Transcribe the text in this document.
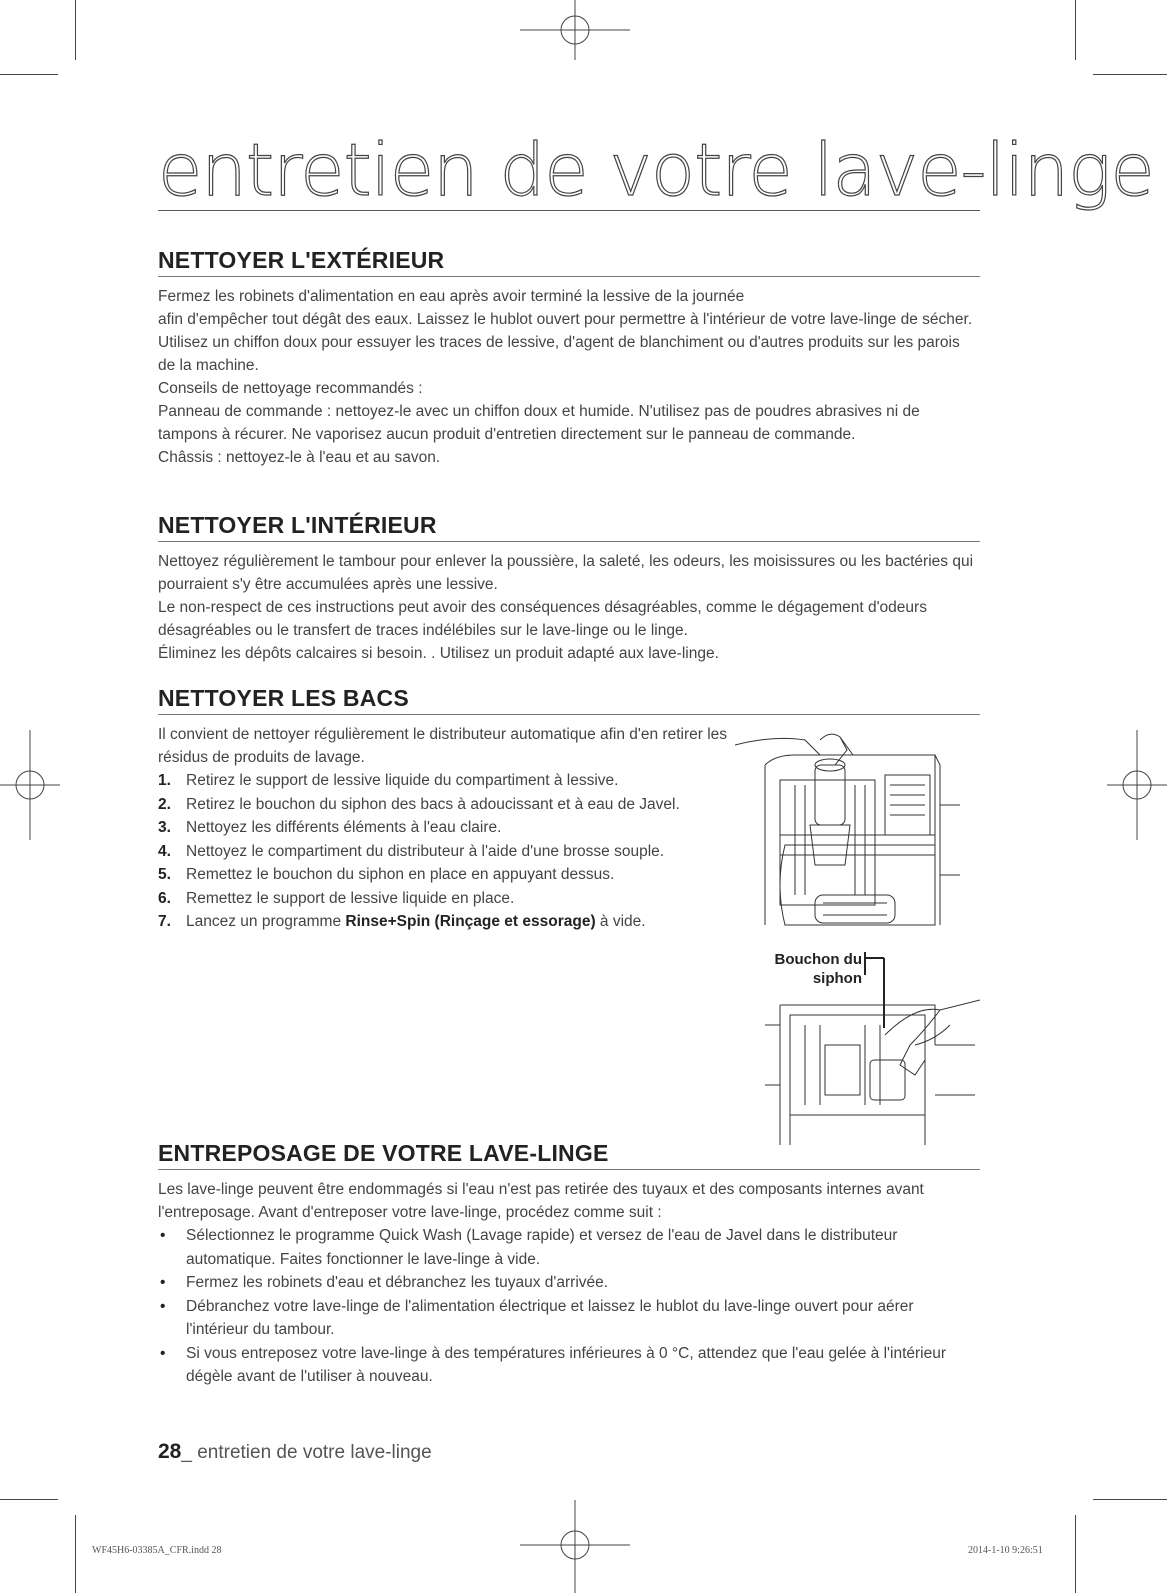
entretien de votre lave-linge
NETTOYER L'EXTÉRIEUR

Fermez les robinets d'alimentation en eau après avoir terminé la lessive de la journée

afin d'empêcher tout dégât des eaux. Laissez le hublot ouvert pour permettre à l'intérieur de votre lave-linge de sécher.

Utilisez un chiffon doux pour essuyer les traces de lessive, d'agent de blanchiment ou d'autres produits sur les parois de la machine.

Conseils de nettoyage recommandés :

Panneau de commande : nettoyez-le avec un chiffon doux et humide. N'utilisez pas de poudres abrasives ni de tampons à récurer. Ne vaporisez aucun produit d'entretien directement sur le panneau de commande.

Châssis : nettoyez-le à l'eau et au savon.

NETTOYER L'INTÉRIEUR

Nettoyez régulièrement le tambour pour enlever la poussière, la saleté, les odeurs, les moisissures ou les bactéries qui pourraient s'y être accumulées après une lessive.

Le non-respect de ces instructions peut avoir des conséquences désagréables, comme le dégagement d'odeurs désagréables ou le transfert de traces indélébiles sur le lave-linge ou le linge.

Éliminez les dépôts calcaires si besoin. . Utilisez un produit adapté aux lave-linge.

NETTOYER LES BACS

Il convient de nettoyer régulièrement le distributeur automatique afin d'en retirer les résidus de produits de lavage.

1. Retirez le support de lessive liquide du compartiment à lessive.
2. Retirez le bouchon du siphon des bacs à adoucissant et à eau de Javel.
3. Nettoyez les différents éléments à l'eau claire.
4. Nettoyez le compartiment du distributeur à l'aide d'une brosse souple.
5. Remettez le bouchon du siphon en place en appuyant dessus.
6. Remettez le support de lessive liquide en place.
7. Lancez un programme Rinse+Spin (Rinçage et essorage) à vide.
Bouchon du
siphon
ENTREPOSAGE DE VOTRE LAVE-LINGE

Les lave-linge peuvent être endommagés si l'eau n'est pas retirée des tuyaux et des composants internes avant l'entreposage. Avant d'entreposer votre lave-linge, procédez comme suit :

• Sélectionnez le programme Quick Wash (Lavage rapide) et versez de l'eau de Javel dans le distributeur automatique. Faites fonctionner le lave-linge à vide.
• Fermez les robinets d'eau et débranchez les tuyaux d'arrivée.
• Débranchez votre lave-linge de l'alimentation électrique et laissez le hublot du lave-linge ouvert pour aérer l'intérieur du tambour.
• Si vous entreposez votre lave-linge à des températures inférieures à 0 °C, attendez que l'eau gelée à l'intérieur dégèle avant de l'utiliser à nouveau.
28_ entretien de votre lave-linge
WF45H6-03385A_CFR.indd 28	2014-1-10 9:26:51
